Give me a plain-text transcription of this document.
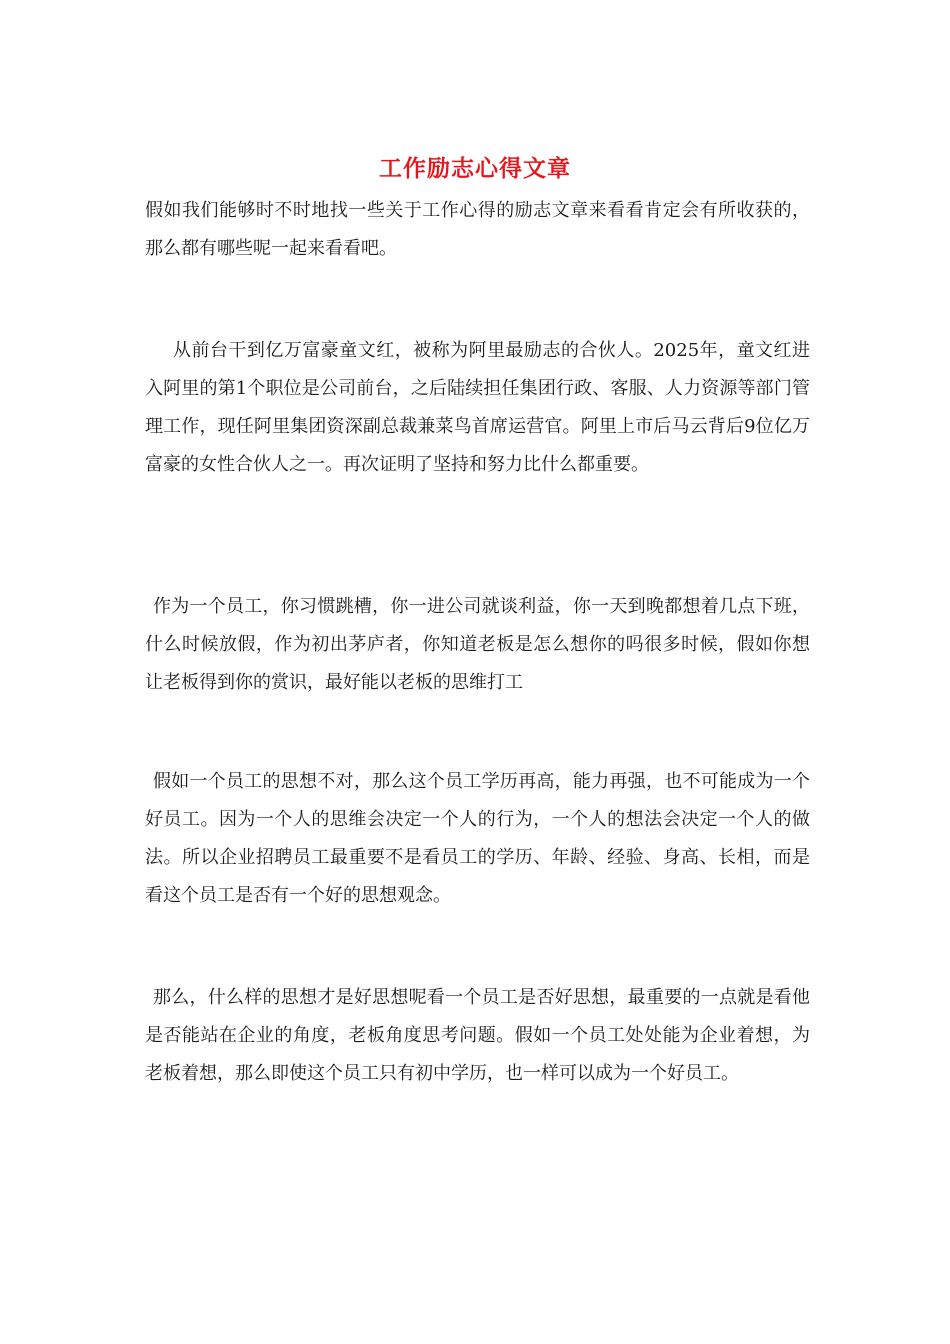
工作励志心得文章

假如我们能够时不时地找一些关于工作心得的励志文章来看看肯定会有所收获的，那么都有哪些呢一起来看看吧。

从前台干到亿万富豪童文红，被称为阿里最励志的合伙人。2025年，童文红进入阿里的第1个职位是公司前台，之后陆续担任集团行政、客服、人力资源等部门管理工作，现任阿里集团资深副总裁兼菜鸟首席运营官。阿里上市后马云背后9位亿万富豪的女性合伙人之一。再次证明了坚持和努力比什么都重要。

作为一个员工，你习惯跳槽，你一进公司就谈利益，你一天到晚都想着几点下班，什么时候放假，作为初出茅庐者，你知道老板是怎么想你的吗很多时候，假如你想让老板得到你的赏识，最好能以老板的思维打工

假如一个员工的思想不对，那么这个员工学历再高，能力再强，也不可能成为一个好员工。因为一个人的思维会决定一个人的行为，一个人的想法会决定一个人的做法。所以企业招聘员工最重要不是看员工的学历、年龄、经验、身高、长相，而是看这个员工是否有一个好的思想观念。

那么，什么样的思想才是好思想呢看一个员工是否好思想，最重要的一点就是看他是否能站在企业的角度，老板角度思考问题。假如一个员工处处能为企业着想，为老板着想，那么即使这个员工只有初中学历，也一样可以成为一个好员工。
